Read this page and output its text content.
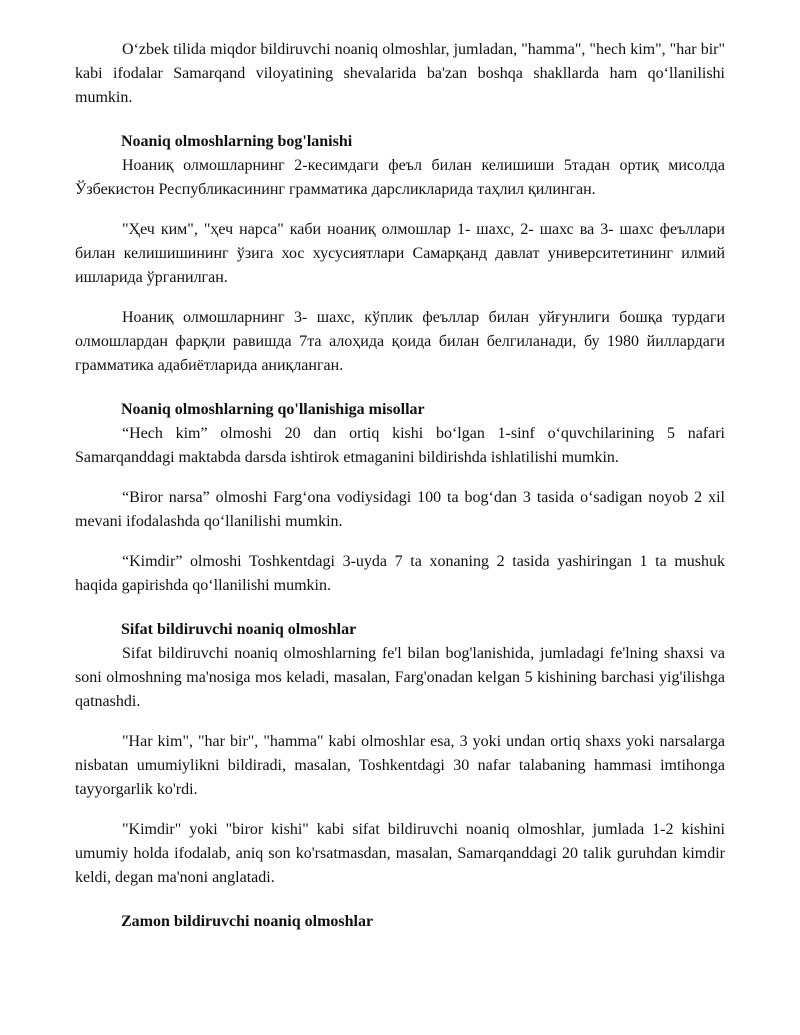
Oʻzbek tilida miqdor bildiruvchi noaniq olmoshlar, jumladan, "hamma", "hech kim", "har bir" kabi ifodalar Samarqand viloyatining shevalarida ba'zan boshqa shakllarda ham qoʻllanilishi mumkin.

Noaniq olmoshlarning bog'lanishi

Ноаниқ олмошларнинг 2-кесимдаги феъл билан келишиши 5тадан ортиқ мисолда Ўзбекистон Республикасининг грамматика дарсликларида таҳлил қилинган.

"Ҳеч ким", "ҳеч нарса" каби ноаниқ олмошлар 1- шахс, 2- шахс ва 3- шахс феъллари билан келишишининг ўзига хос хусусиятлари Самарқанд давлат университетининг илмий ишларида ўрганилган.

Ноаниқ олмошларнинг 3- шахс, кўплик феъллар билан уйғунлиги бошқа турдаги олмошлардан фарқли равишда 7та алоҳида қоида билан белгиланади, бу 1980 йиллардаги грамматика адабиётларида аниқланган.

Noaniq olmoshlarning qo'llanishiga misollar

“Hech kim” olmoshi 20 dan ortiq kishi boʻlgan 1-sinf oʻquvchilarining 5 nafari Samarqanddagi maktabda darsda ishtirok etmaganini bildirishda ishlatilishi mumkin.

“Biror narsa” olmoshi Fargʻona vodiysidagi 100 ta bogʻdan 3 tasida oʻsadigan noyob 2 xil mevani ifodalashda qoʻllanilishi mumkin.

“Kimdir” olmoshi Toshkentdagi 3-uyda 7 ta xonaning 2 tasida yashiringan 1 ta mushuk haqida gapirishda qoʻllanilishi mumkin.

Sifat bildiruvchi noaniq olmoshlar

Sifat bildiruvchi noaniq olmoshlarning fe'l bilan bog'lanishida, jumladagi fe'lning shaxsi va soni olmoshning ma'nosiga mos keladi, masalan, Farg'onadan kelgan 5 kishining barchasi yig'ilishga qatnashdi.

"Har kim", "har bir", "hamma" kabi olmoshlar esa, 3 yoki undan ortiq shaxs yoki narsalarga nisbatan umumiylikni bildiradi, masalan, Toshkentdagi 30 nafar talabaning hammasi imtihonga tayyorgarlik ko'rdi.

"Kimdir" yoki "biror kishi" kabi sifat bildiruvchi noaniq olmoshlar, jumlada 1-2 kishini umumiy holda ifodalab, aniq son ko'rsatmasdan, masalan, Samarqanddagi 20 talik guruhdan kimdir keldi, degan ma'noni anglatadi.

Zamon bildiruvchi noaniq olmoshlar
